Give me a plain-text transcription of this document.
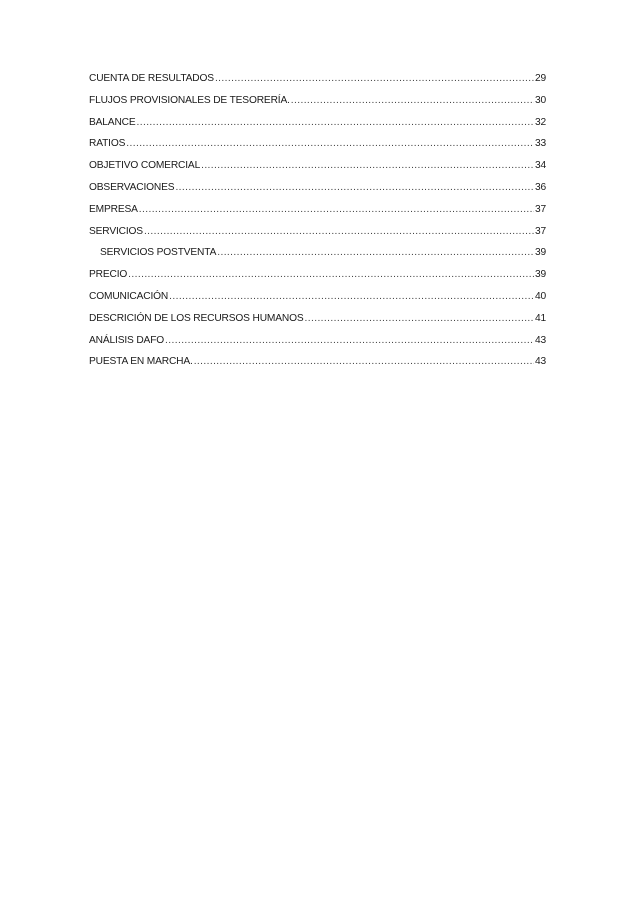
CUENTA DE RESULTADOS .....	29
FLUJOS PROVISIONALES DE TESORERÍA. .....	30
BALANCE .....	32
RATIOS .....	33
OBJETIVO COMERCIAL .....	34
OBSERVACIONES .....	36
EMPRESA .....	37
SERVICIOS .....	37
SERVICIOS POSTVENTA .....	39
PRECIO .....	39
COMUNICACIÓN .....	40
DESCRICIÓN DE LOS RECURSOS HUMANOS .....	41
ANÁLISIS DAFO .....	43
PUESTA EN MARCHA. .....	43
